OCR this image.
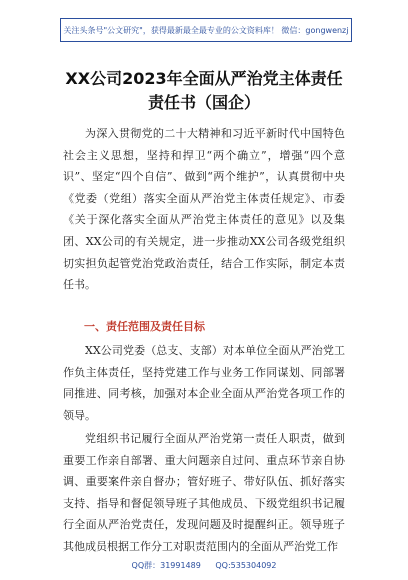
关注头条号"公文研究"，获得最新最全最专业的公文资料库！ 微信：gongwenzj
XX公司2023年全面从严治党主体责任
责任书（国企）
为深入贯彻党的二十大精神和习近平新时代中国特色社会主义思想，坚持和捍卫“两个确立”，增强“四个意识”、坚定“四个自信”、做到“两个维护”，认真贯彻中央《党委（党组）落实全面从严治党主体责任规定》、市委《关于深化落实全面从严治党主体责任的意见》以及集团、XX公司的有关规定，进一步推动XX公司各级党组织切实担负起管党治党政治责任，结合工作实际，制定本责任书。
一、责任范围及责任目标
XX公司党委（总支、支部）对本单位全面从严治党工作负主体责任，坚持党建工作与业务工作同谋划、同部署同推进、同考核，加强对本企业全面从严治党各项工作的领导。
党组织书记履行全面从严治党第一责任人职责，做到重要工作亲自部署、重大问题亲自过问、重点环节亲自协调、重要案件亲自督办；管好班子、带好队伍、抓好落实支持、指导和督促领导班子其他成员、下级党组织书记履行全面从严治党责任，发现问题及时提醒纠正。领导班子其他成员根据工作分工对职责范围内的全面从严治党工作
QQ群：31991489 QQ:535304092
